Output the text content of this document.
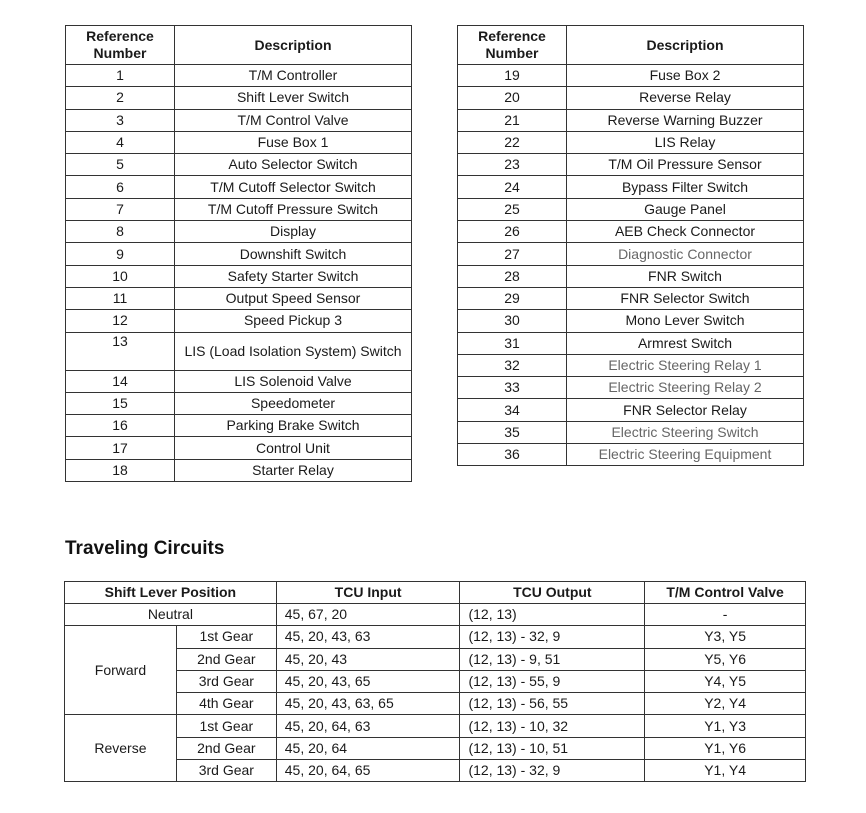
Reference Number	Description
1	T/M Controller
2	Shift Lever Switch
3	T/M Control Valve
4	Fuse Box 1
5	Auto Selector Switch
6	T/M Cutoff Selector Switch
7	T/M Cutoff Pressure Switch
8	Display
9	Downshift Switch
10	Safety Starter Switch
11	Output Speed Sensor
12	Speed Pickup 3
13	LIS (Load Isolation System) Switch
14	LIS Solenoid Valve
15	Speedometer
16	Parking Brake Switch
17	Control Unit
18	Starter Relay
Reference Number	Description
19	Fuse Box 2
20	Reverse Relay
21	Reverse Warning Buzzer
22	LIS Relay
23	T/M Oil Pressure Sensor
24	Bypass Filter Switch
25	Gauge Panel
26	AEB Check Connector
27	Diagnostic Connector
28	FNR Switch
29	FNR Selector Switch
30	Mono Lever Switch
31	Armrest Switch
32	Electric Steering Relay 1
33	Electric Steering Relay 2
34	FNR Selector Relay
35	Electric Steering Switch
36	Electric Steering Equipment
Traveling Circuits
Shift Lever Position		TCU Input	TCU Output	T/M Control Valve
Neutral		45, 67, 20	(12, 13)	-
Forward	1st Gear	45, 20, 43, 63	(12, 13) - 32, 9	Y3, Y5
	2nd Gear	45, 20, 43	(12, 13) - 9, 51	Y5, Y6
	3rd Gear	45, 20, 43, 65	(12, 13) - 55, 9	Y4, Y5
	4th Gear	45, 20, 43, 63, 65	(12, 13) - 56, 55	Y2, Y4
Reverse	1st Gear	45, 20, 64, 63	(12, 13) - 10, 32	Y1, Y3
	2nd Gear	45, 20, 64	(12, 13) - 10, 51	Y1, Y6
	3rd Gear	45, 20, 64, 65	(12, 13) - 32, 9	Y1, Y4
